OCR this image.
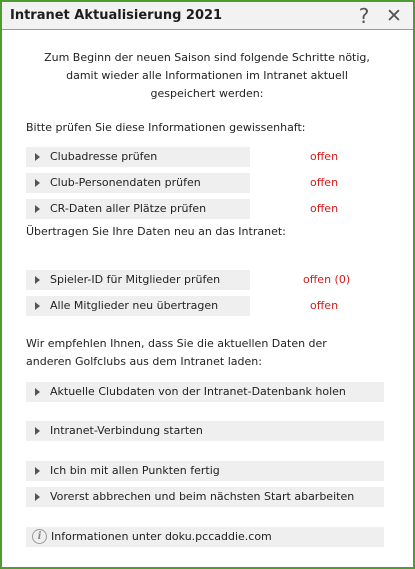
Intranet Aktualisierung 2021	? ✕
Zum Beginn der neuen Saison sind folgende Schritte nötig,
damit wieder alle Informationen im Intranet aktuell
gespeichert werden:
Bitte prüfen Sie diese Informationen gewissenhaft:
Clubadresse prüfen	offen
Club-Personendaten prüfen	offen
CR-Daten aller Plätze prüfen	offen
Übertragen Sie Ihre Daten neu an das Intranet:
Spieler-ID für Mitglieder prüfen	offen (0)
Alle Mitglieder neu übertragen	offen
Wir empfehlen Ihnen, dass Sie die aktuellen Daten der
anderen Golfclubs aus dem Intranet laden:
Aktuelle Clubdaten von der Intranet-Datenbank holen
Intranet-Verbindung starten
Ich bin mit allen Punkten fertig
Vorerst abbrechen und beim nächsten Start abarbeiten
i Informationen unter doku.pccaddie.com
